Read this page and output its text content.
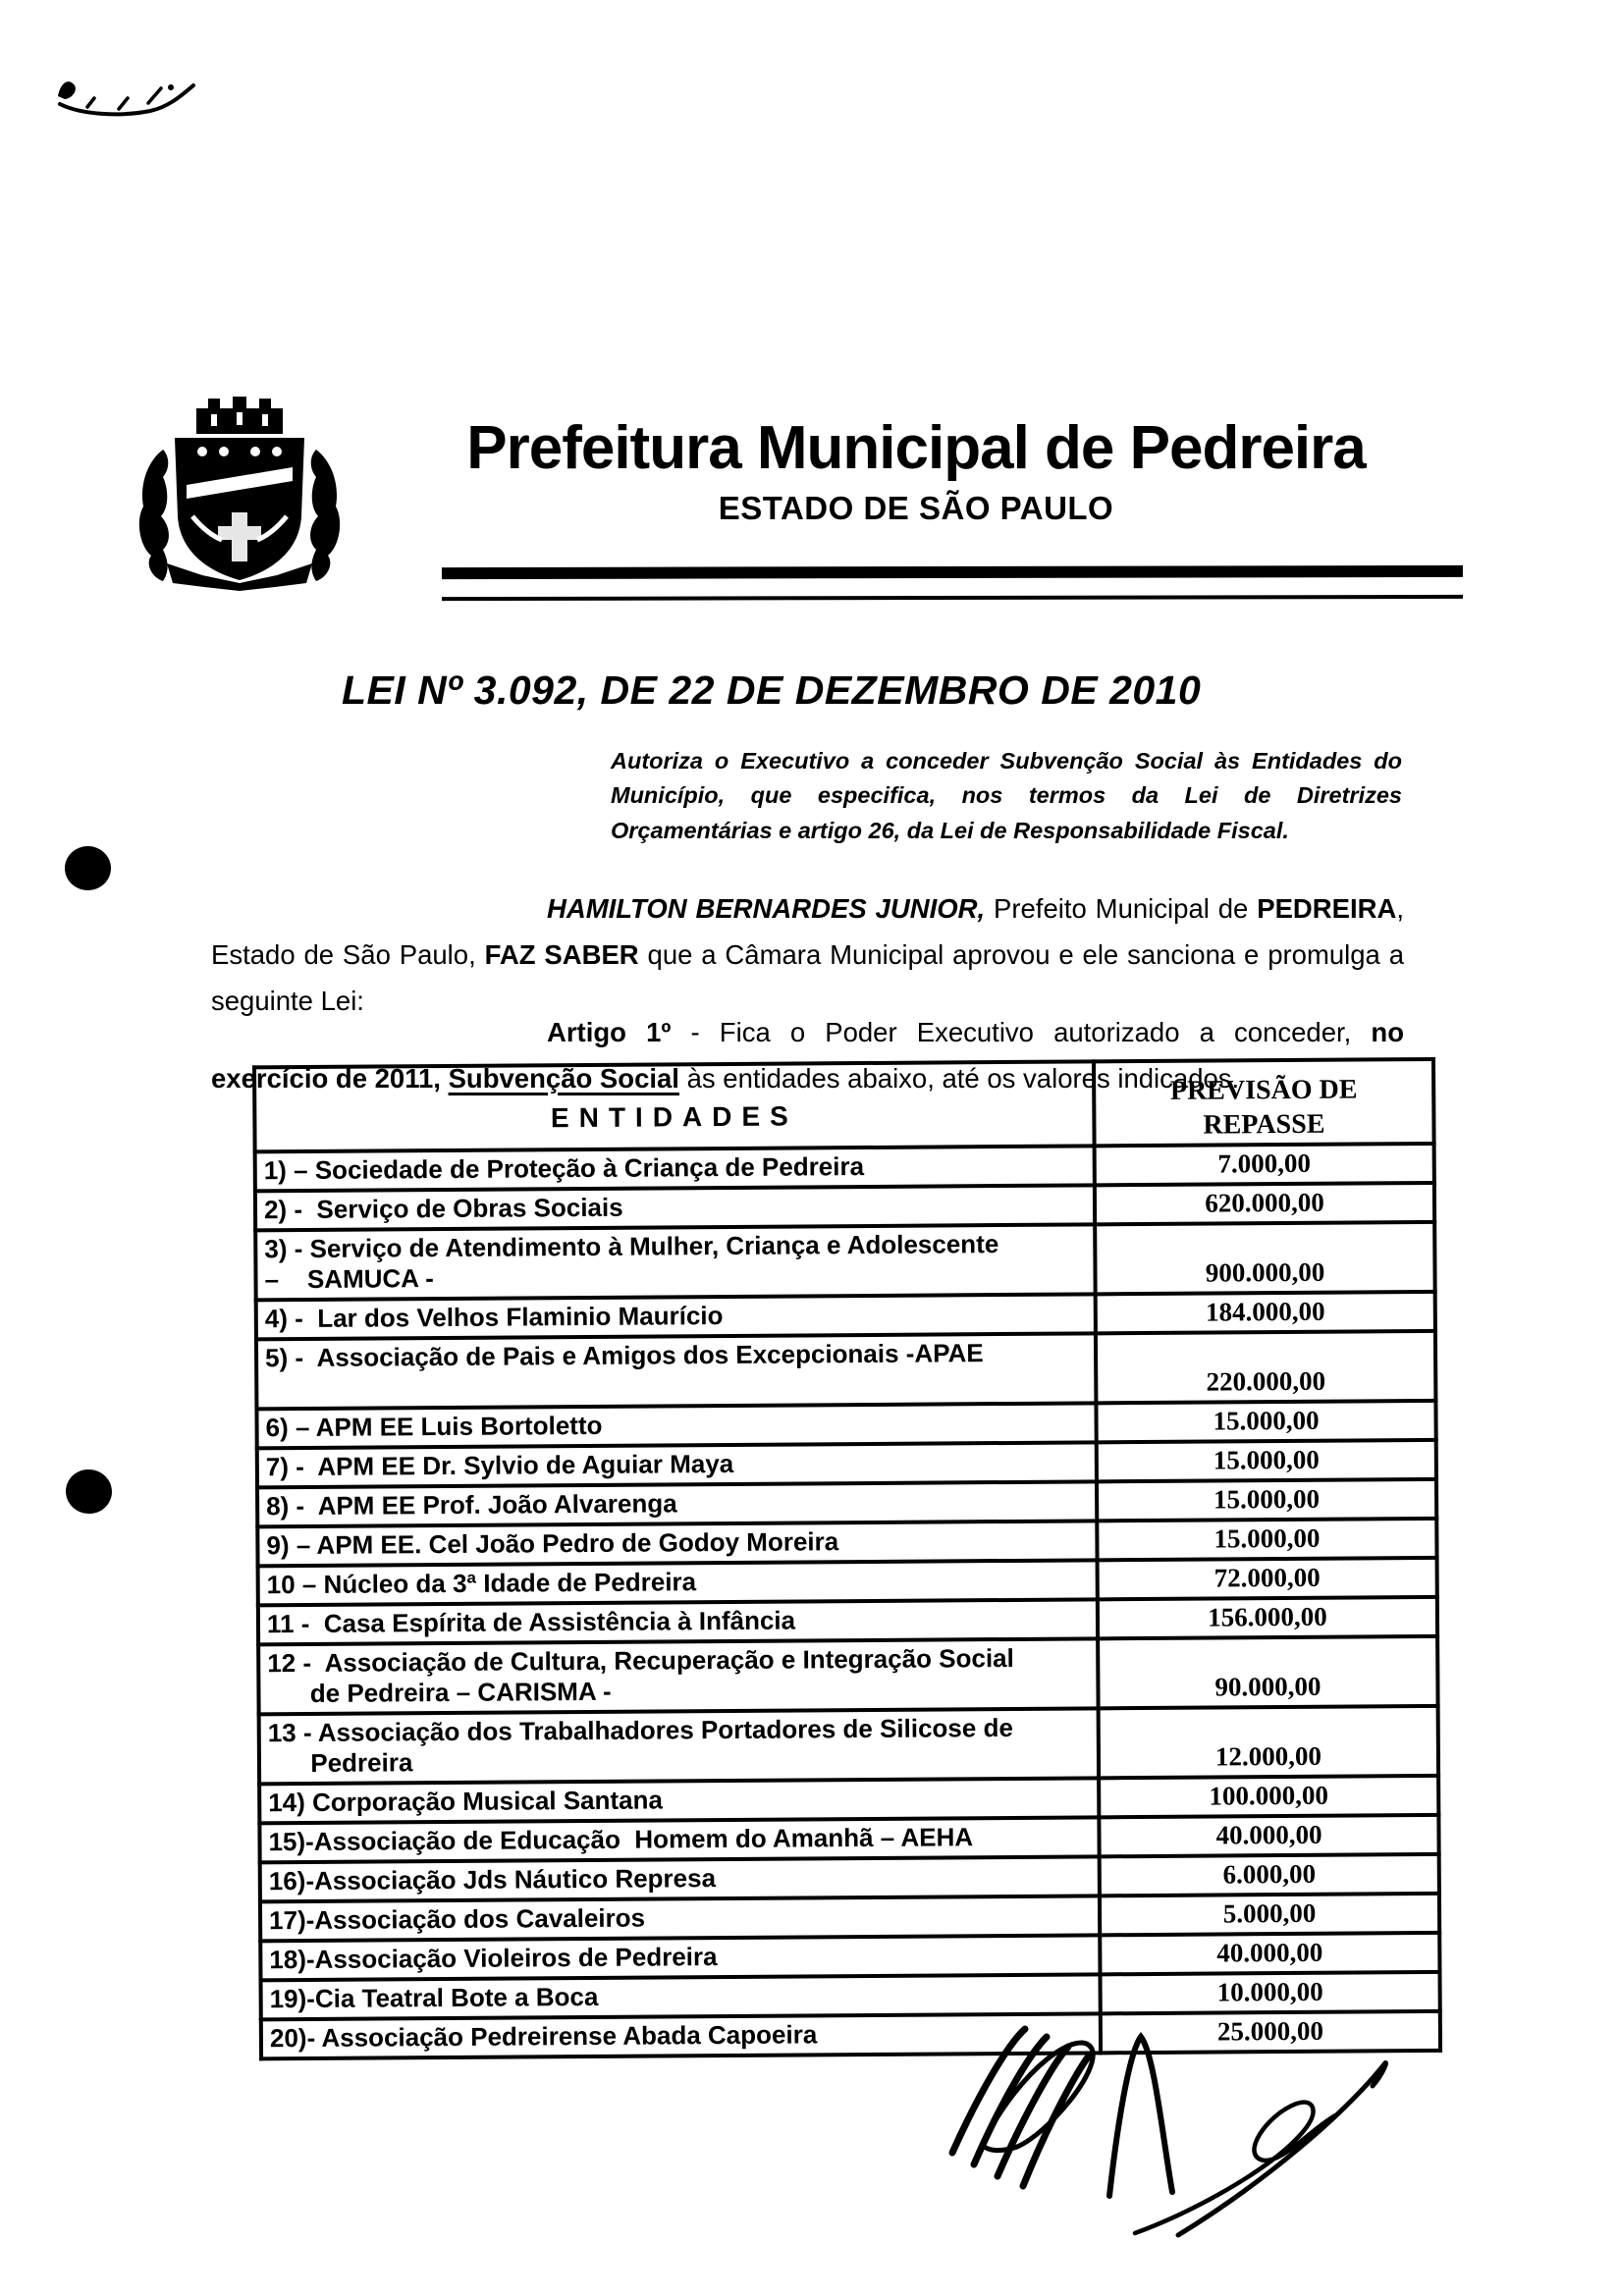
Prefeitura Municipal de Pedreira
ESTADO DE SÃO PAULO
LEI Nº 3.092, DE 22 DE DEZEMBRO DE 2010
Autoriza o Executivo a conceder Subvenção Social às Entidades do Município, que especifica, nos termos da Lei de Diretrizes Orçamentárias e artigo 26, da Lei de Responsabilidade Fiscal.

HAMILTON BERNARDES JUNIOR, Prefeito Municipal de PEDREIRA, Estado de São Paulo, FAZ SABER que a Câmara Municipal aprovou e ele sanciona e promulga a seguinte Lei:

Artigo 1º - Fica o Poder Executivo autorizado a conceder, no exercício de 2011, Subvenção Social às entidades abaixo, até os valores indicados.

ENTIDADES	PREVISÃO DE
REPASSE

1) – Sociedade de Proteção à Criança de Pedreira	7.000,00

2) -  Serviço de Obras Sociais	620.000,00

3) - Serviço de Atendimento à Mulher, Criança e Adolescente
–    SAMUCA -	900.000,00

4) -  Lar dos Velhos Flaminio Maurício	184.000,00

5) -  Associação de Pais e Amigos dos Excepcionais -APAE	220.000,00

6) – APM EE Luis Bortoletto	15.000,00

7) -  APM EE Dr. Sylvio de Aguiar Maya	15.000,00

8) -  APM EE Prof. João Alvarenga	15.000,00

9) – APM EE. Cel João Pedro de Godoy Moreira	15.000,00

10 – Núcleo da 3ª Idade de Pedreira	72.000,00

11 -  Casa Espírita de Assistência à Infância	156.000,00

12 -  Associação de Cultura, Recuperação e Integração Social
de Pedreira – CARISMA -	90.000,00

13 - Associação dos Trabalhadores Portadores de Silicose de
Pedreira	12.000,00

14) Corporação Musical Santana	100.000,00

15)-Associação de Educação  Homem do Amanhã – AEHA	40.000,00

16)-Associação Jds Náutico Represa	6.000,00

17)-Associação dos Cavaleiros	5.000,00

18)-Associação Violeiros de Pedreira	40.000,00

19)-Cia Teatral Bote a Boca	10.000,00

20)- Associação Pedreirense Abada Capoeira	25.000,00
